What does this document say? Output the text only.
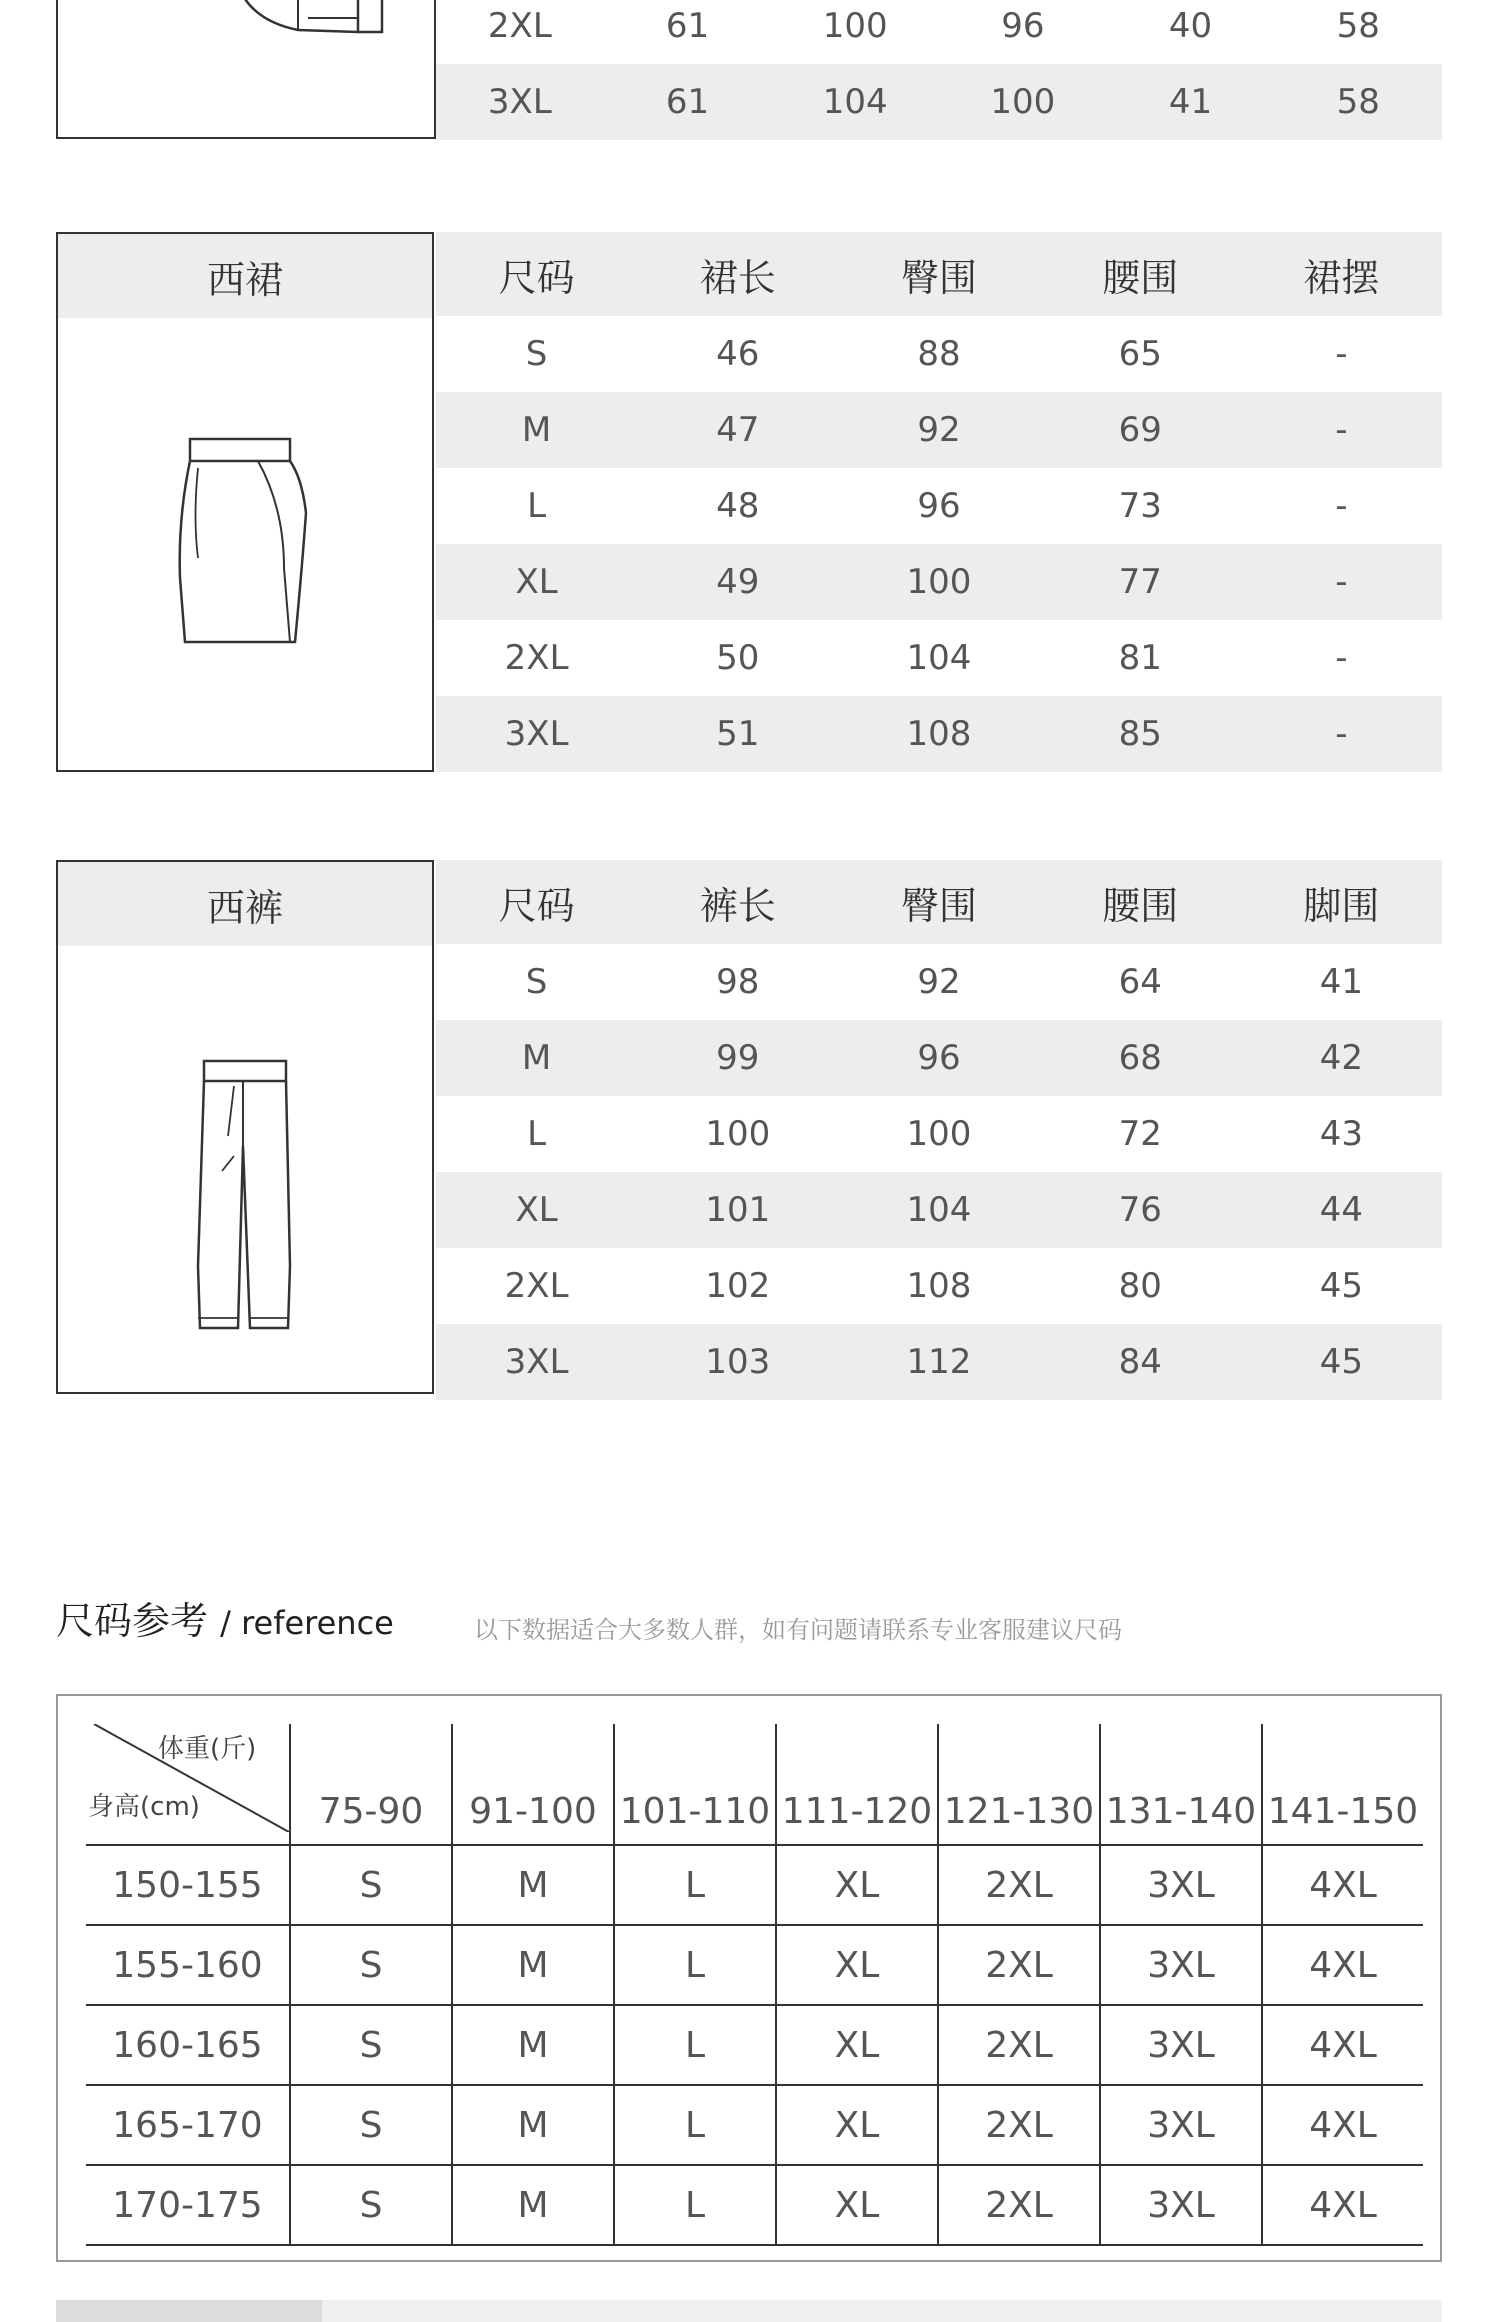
2XL	61	100	96	40	58
3XL	61	104	100	41	58
西裙	尺码	裙长	臀围	腰围	裙摆
S	46	88	65	-
M	47	92	69	-
L	48	96	73	-
XL	49	100	77	-
2XL	50	104	81	-
3XL	51	108	85	-
西裤	尺码	裤长	臀围	腰围	脚围
S	98	92	64	41
M	99	96	68	42
L	100	100	72	43
XL	101	104	76	44
2XL	102	108	80	45
3XL	103	112	84	45
尺码参考 / reference	以下数据适合大多数人群，如有问题请联系专业客服建议尺码
体重(斤)
身高(cm)	75-90	91-100	101-110	111-120	121-130	131-140	141-150
150-155	S	M	L	XL	2XL	3XL	4XL
155-160	S	M	L	XL	2XL	3XL	4XL
160-165	S	M	L	XL	2XL	3XL	4XL
165-170	S	M	L	XL	2XL	3XL	4XL
170-175	S	M	L	XL	2XL	3XL	4XL
